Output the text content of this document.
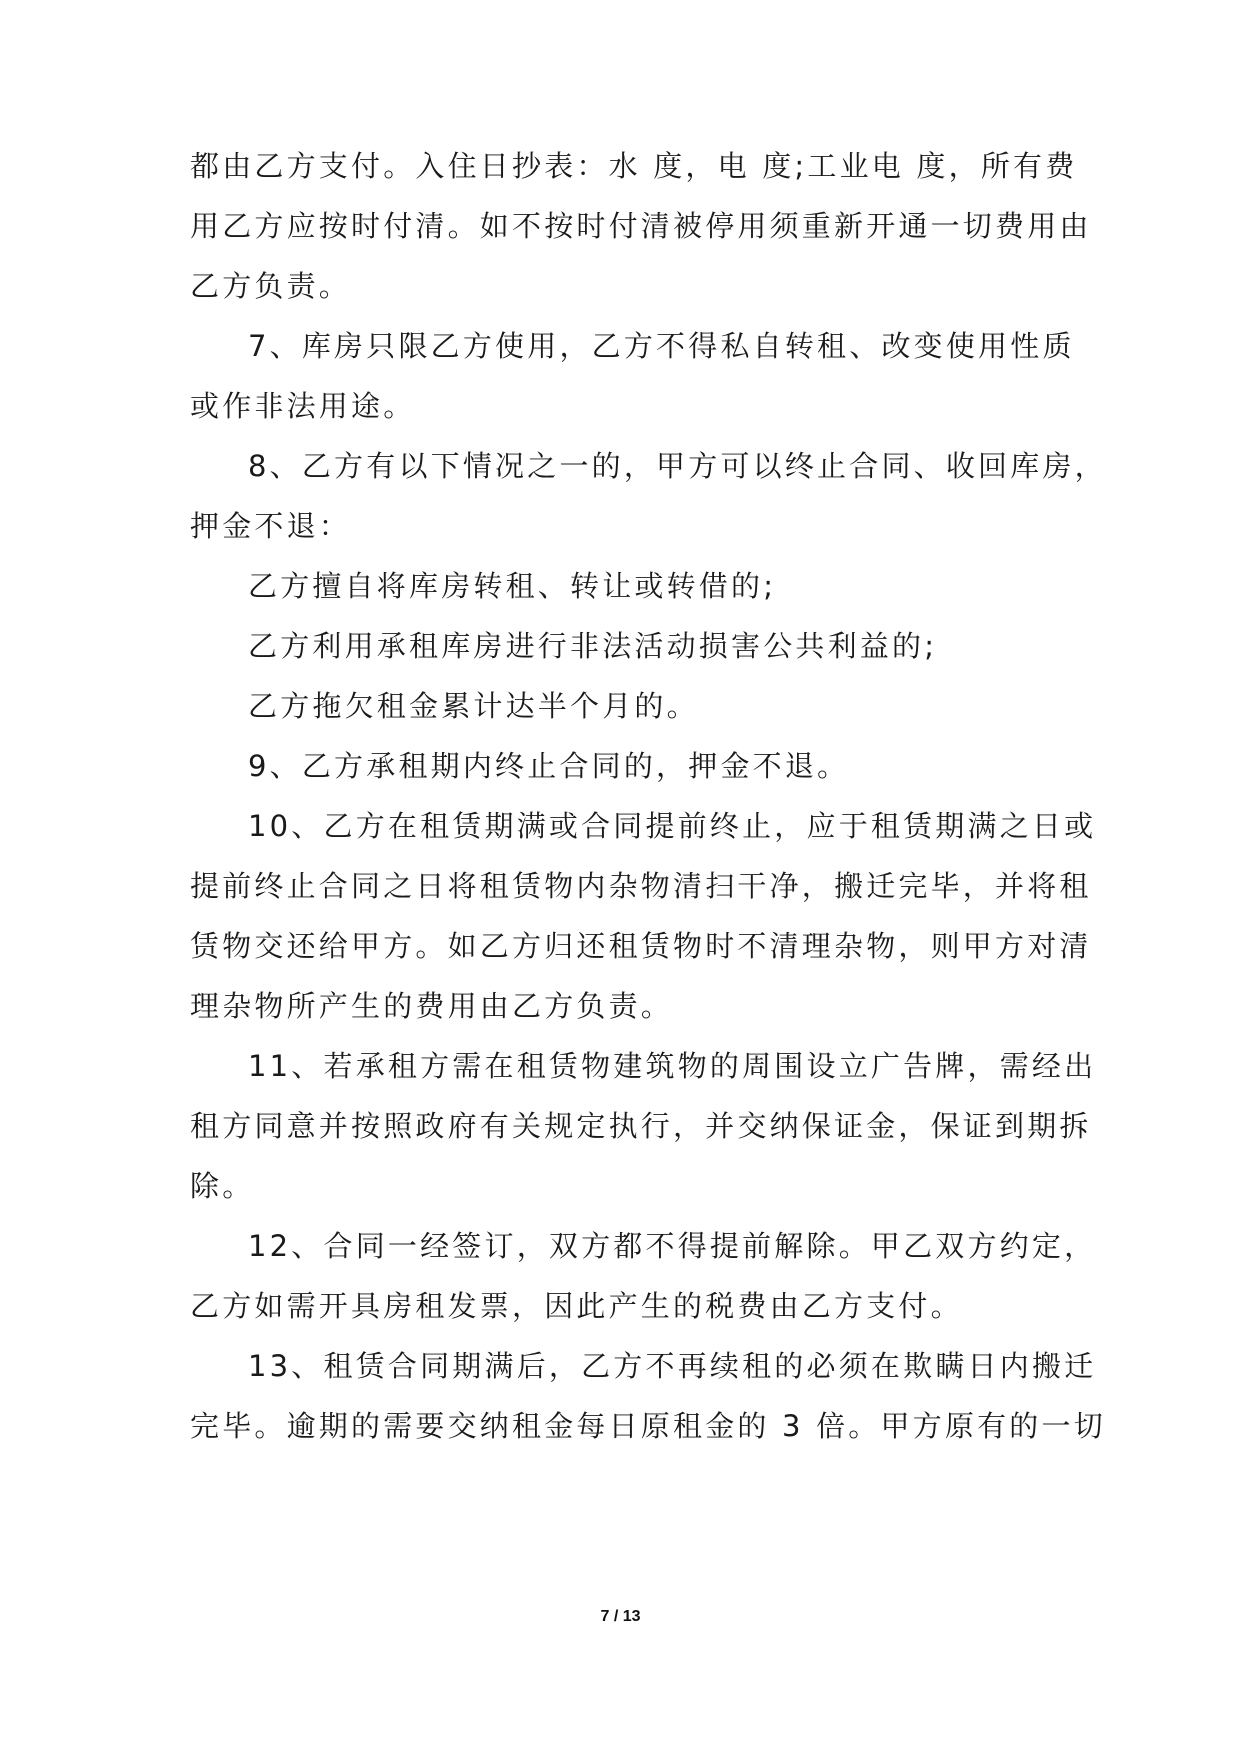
都由乙方支付。入住日抄表：水 度，电 度;工业电 度，所有费
用乙方应按时付清。如不按时付清被停用须重新开通一切费用由
乙方负责。
7、库房只限乙方使用，乙方不得私自转租、改变使用性质
或作非法用途。
8、乙方有以下情况之一的，甲方可以终止合同、收回库房，
押金不退：
乙方擅自将库房转租、转让或转借的;
乙方利用承租库房进行非法活动损害公共利益的;
乙方拖欠租金累计达半个月的。
9、乙方承租期内终止合同的，押金不退。
10、乙方在租赁期满或合同提前终止，应于租赁期满之日或
提前终止合同之日将租赁物内杂物清扫干净，搬迁完毕，并将租
赁物交还给甲方。如乙方归还租赁物时不清理杂物，则甲方对清
理杂物所产生的费用由乙方负责。
11、若承租方需在租赁物建筑物的周围设立广告牌，需经出
租方同意并按照政府有关规定执行，并交纳保证金，保证到期拆
除。
12、合同一经签订，双方都不得提前解除。甲乙双方约定，
乙方如需开具房租发票，因此产生的税费由乙方支付。
13、租赁合同期满后，乙方不再续租的必须在欺瞒日内搬迁
完毕。逾期的需要交纳租金每日原租金的 3 倍。甲方原有的一切
7 / 13
